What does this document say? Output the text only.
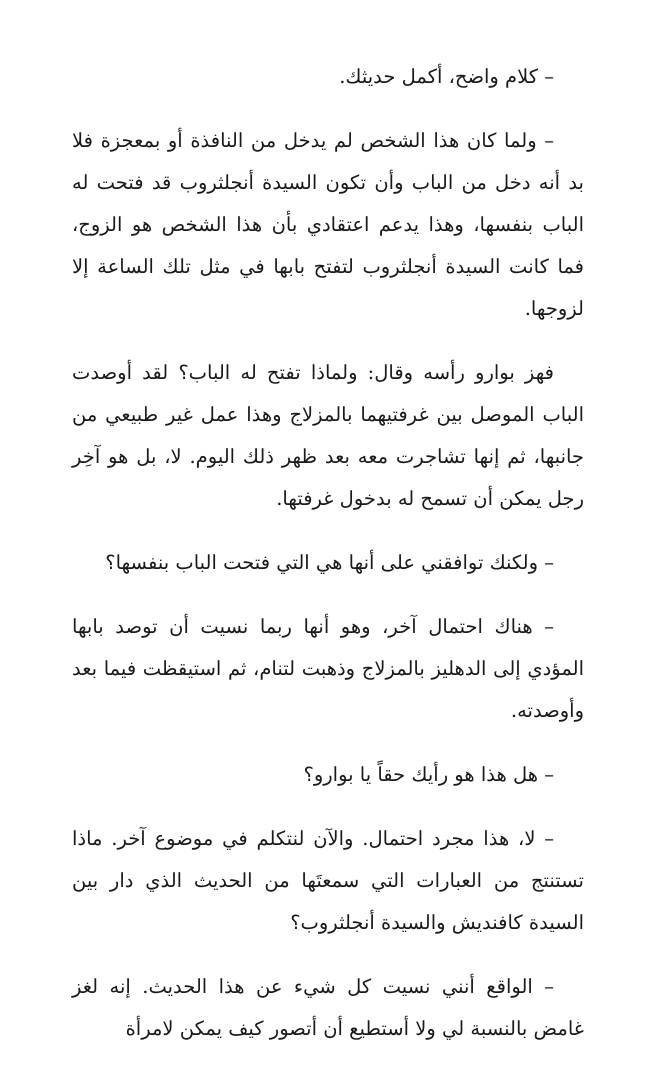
– كلام واضح، أكمل حديثك.

– ولما كان هذا الشخص لم يدخل من النافذة أو بمعجزة فلا بد أنه دخل من الباب وأن تكون السيدة أنجلثروب قد فتحت له الباب بنفسها، وهذا يدعم اعتقادي بأن هذا الشخص هو الزوج، فما كانت السيدة أنجلثروب لتفتح بابها في مثل تلك الساعة إلا لزوجها.

فهز بوارو رأسه وقال: ولماذا تفتح له الباب؟ لقد أوصدت الباب الموصل بين غرفتيهما بالمزلاج وهذا عمل غير طبيعي من جانبها، ثم إنها تشاجرت معه بعد ظهر ذلك اليوم. لا، بل هو آخِر رجل يمكن أن تسمح له بدخول غرفتها.

– ولكنك توافقني على أنها هي التي فتحت الباب بنفسها؟

– هناك احتمال آخر، وهو أنها ربما نسيت أن توصد بابها المؤدي إلى الدهليز بالمزلاج وذهبت لتنام، ثم استيقظت فيما بعد وأوصدته.

– هل هذا هو رأيك حقاً يا بوارو؟

– لا، هذا مجرد احتمال. والآن لنتكلم في موضوع آخر. ماذا تستنتج من العبارات التي سمعتَها من الحديث الذي دار بين السيدة كافنديش والسيدة أنجلثروب؟

– الواقع أنني نسيت كل شيء عن هذا الحديث. إنه لغز غامض بالنسبة لي ولا أستطيع أن أتصور كيف يمكن لامرأة
